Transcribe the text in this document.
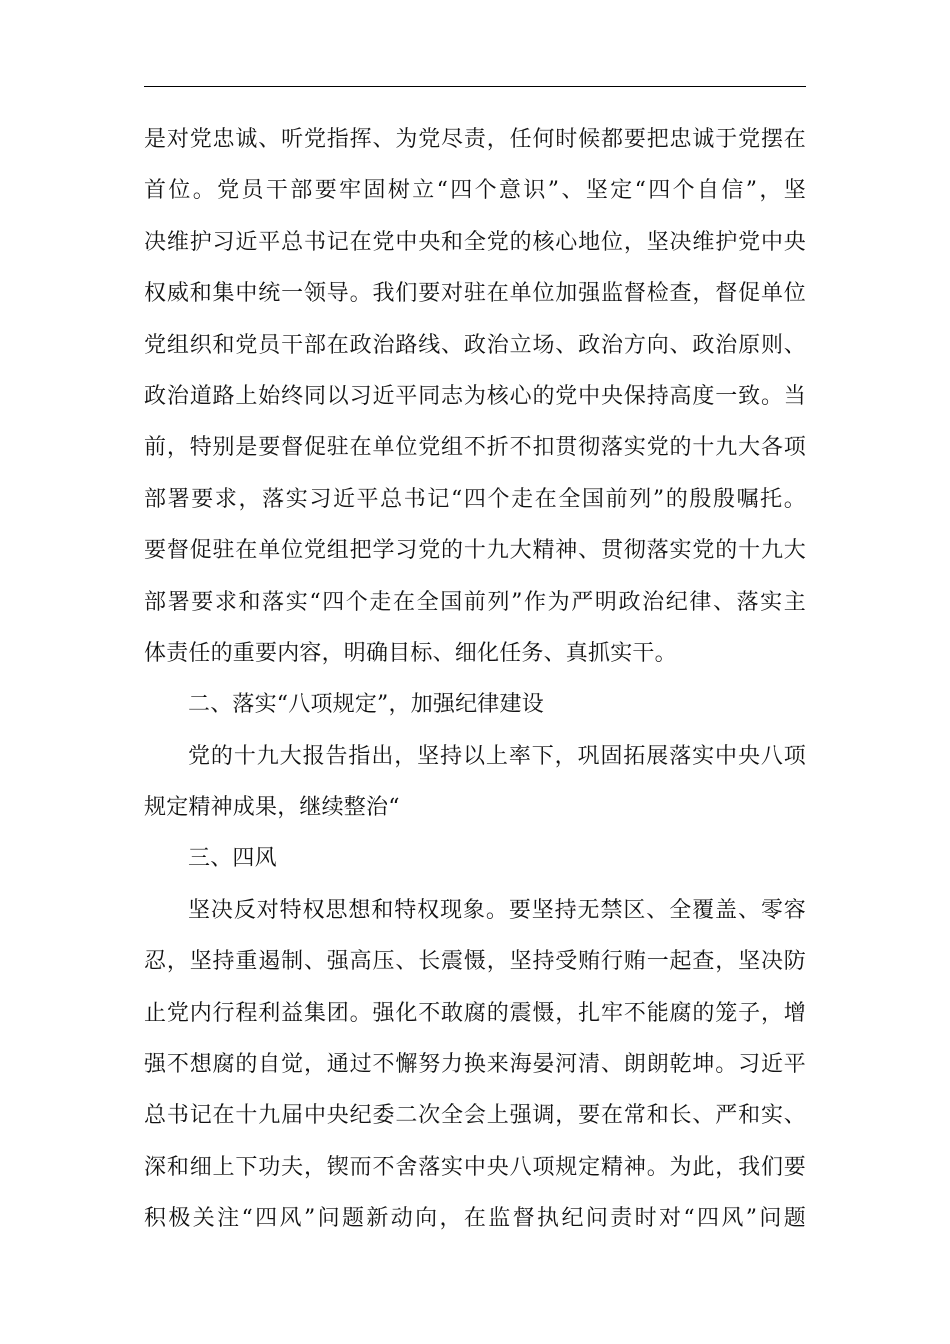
是对党忠诚、听党指挥、为党尽责，任何时候都要把忠诚于党摆在
首位。党员干部要牢固树立“四个意识”、坚定“四个自信”，坚
决维护习近平总书记在党中央和全党的核心地位，坚决维护党中央
权威和集中统一领导。我们要对驻在单位加强监督检查，督促单位
党组织和党员干部在政治路线、政治立场、政治方向、政治原则、
政治道路上始终同以习近平同志为核心的党中央保持高度一致。当
前，特别是要督促驻在单位党组不折不扣贯彻落实党的十九大各项
部署要求，落实习近平总书记“四个走在全国前列”的殷殷嘱托。
要督促驻在单位党组把学习党的十九大精神、贯彻落实党的十九大
部署要求和落实“四个走在全国前列”作为严明政治纪律、落实主
体责任的重要内容，明确目标、细化任务、真抓实干。
二、落实“八项规定”，加强纪律建设
党的十九大报告指出，坚持以上率下，巩固拓展落实中央八项
规定精神成果，继续整治“
三、四风
坚决反对特权思想和特权现象。要坚持无禁区、全覆盖、零容
忍，坚持重遏制、强高压、长震慑，坚持受贿行贿一起查，坚决防
止党内行程利益集团。强化不敢腐的震慑，扎牢不能腐的笼子，增
强不想腐的自觉，通过不懈努力换来海晏河清、朗朗乾坤。习近平
总书记在十九届中央纪委二次全会上强调，要在常和长、严和实、
深和细上下功夫，锲而不舍落实中央八项规定精神。为此，我们要
积极关注“四风”问题新动向，在监督执纪问责时对“四风”问题
